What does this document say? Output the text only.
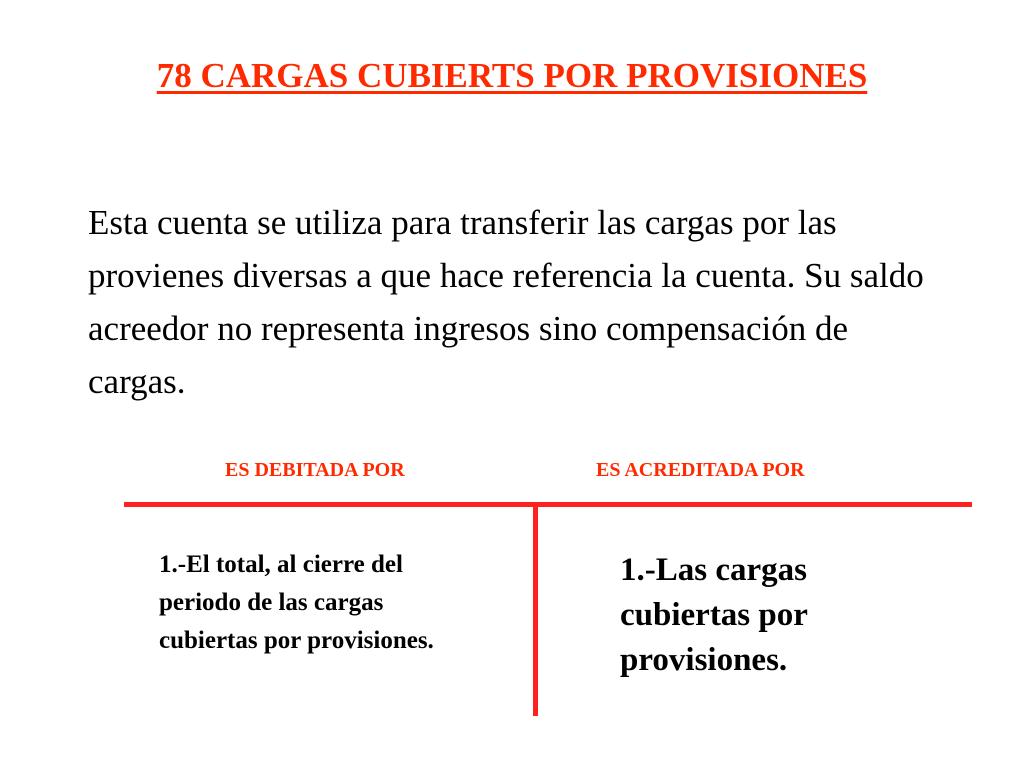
78 CARGAS CUBIERTS POR PROVISIONES
Esta cuenta se utiliza para transferir las cargas por las provienes diversas a que hace referencia la cuenta. Su saldo acreedor no representa ingresos sino compensación de cargas.
ES DEBITADA POR	ES ACREDITADA POR
1.-El total, al cierre del periodo de las cargas cubiertas por provisiones.
1.-Las cargas cubiertas por provisiones.
